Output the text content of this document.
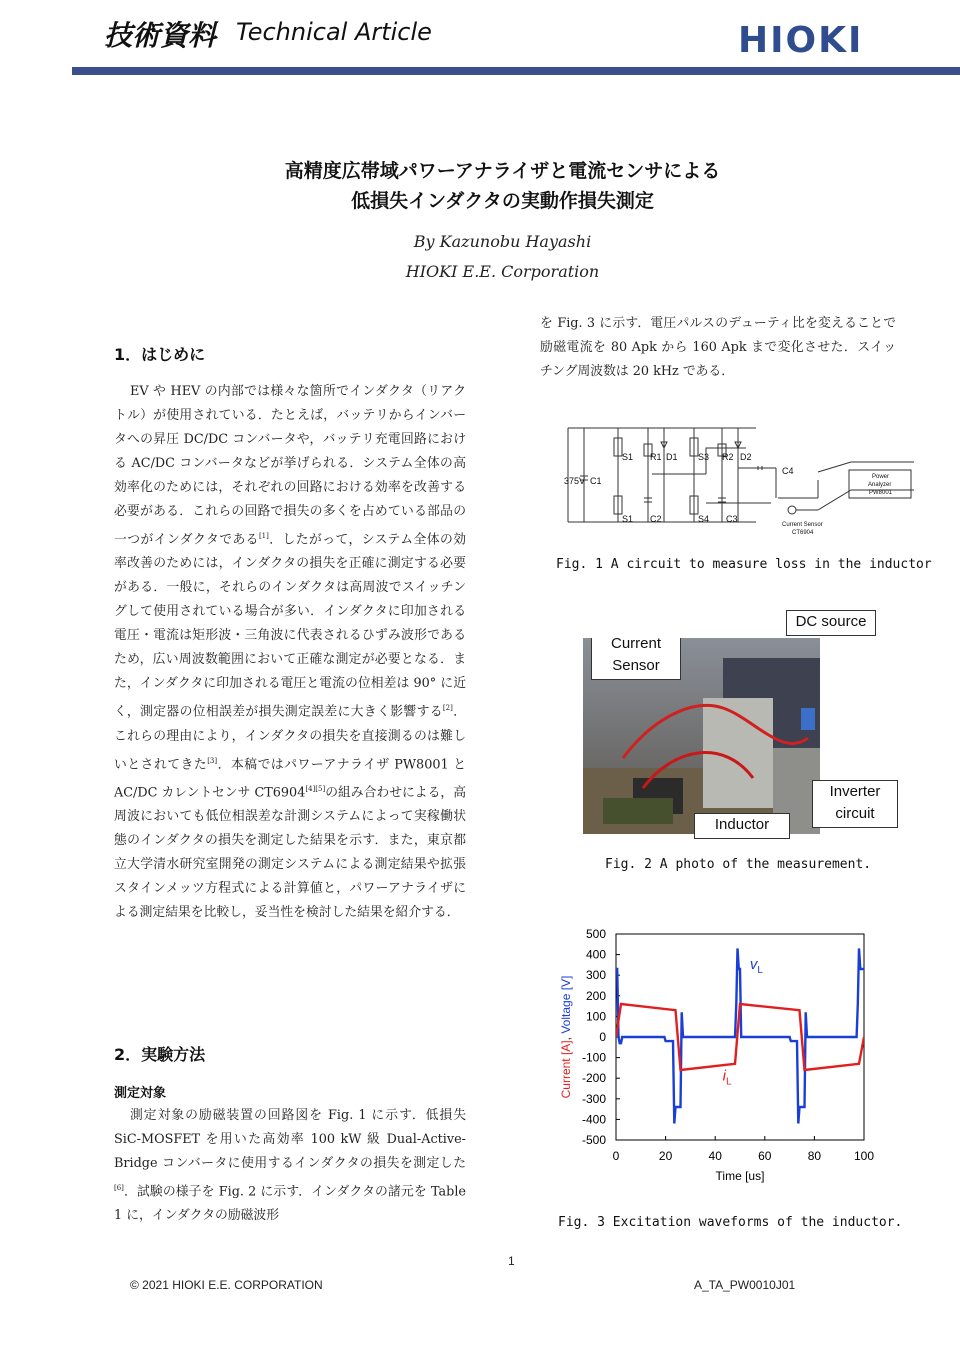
技術資料 Technical Article	HIOKI
高精度広帯域パワーアナライザと電流センサによる
低損失インダクタの実動作損失測定
By Kazunobu Hayashi
HIOKI E.E. Corporation
1．はじめに
EV や HEV の内部では様々な箇所でインダクタ（リアクトル）が使用されている．たとえば，バッテリからインバータへの昇圧 DC/DC コンバータや，バッテリ充電回路における AC/DC コンバータなどが挙げられる．システム全体の高効率化のためには，それぞれの回路における効率を改善する必要がある．これらの回路で損失の多くを占めている部品の一つがインダクタである[1]．したがって，システム全体の効率改善のためには，インダクタの損失を正確に測定する必要がある．一般に，それらのインダクタは高周波でスイッチングして使用されている場合が多い．インダクタに印加される電圧・電流は矩形波・三角波に代表されるひずみ波形であるため，広い周波数範囲において正確な測定が必要となる．また，インダクタに印加される電圧と電流の位相差は 90° に近く，測定器の位相誤差が損失測定誤差に大きく影響する[2]．これらの理由により，インダクタの損失を直接測るのは難しいとされてきた[3]．本稿ではパワーアナライザ PW8001 と AC/DC カレントセンサ CT6904[4][5]の組み合わせによる，高周波においても低位相誤差な計測システムによって実稼働状態のインダクタの損失を測定した結果を示す．また，東京都立大学清水研究室開発の測定システムによる測定結果や拡張スタインメッツ方程式による計算値と，パワーアナライザによる測定結果を比較し，妥当性を検討した結果を紹介する．
2．実験方法
測定対象
測定対象の励磁装置の回路図を Fig. 1 に示す．低損失 SiC-MOSFET を用いた高効率 100 kW 級 Dual-Active-Bridge コンバータに使用するインダクタの損失を測定した[6]．試験の様子を Fig. 2 に示す．インダクタの諸元を Table 1 に，インダクタの励磁波形
を Fig. 3 に示す．電圧パルスのデューティ比を変えることで励磁電流を 80 Apk から 160 Apk まで変化させた．スイッチング周波数は 20 kHz である．
S1 R1 D1 S3 R2 D2
C4
375V C1
S1 C2	S4 C3
Power
Analyzer
PW8001
Current Sensor
CT6904
Fig. 1 A circuit to measure loss in the inductor
Current
Sensor
DC source
Inverter
circuit
Inductor
Fig. 2 A photo of the measurement.
500
400
300
200
100
0
-100
-200
-300
-400
-500
0	20	40	60	80	100
Time [us]
Current [A], Voltage [V]
$v_L$
$i_L$
Fig. 3 Excitation waveforms of the inductor.
1
© 2021 HIOKI E.E. CORPORATION	A_TA_PW0010J01
